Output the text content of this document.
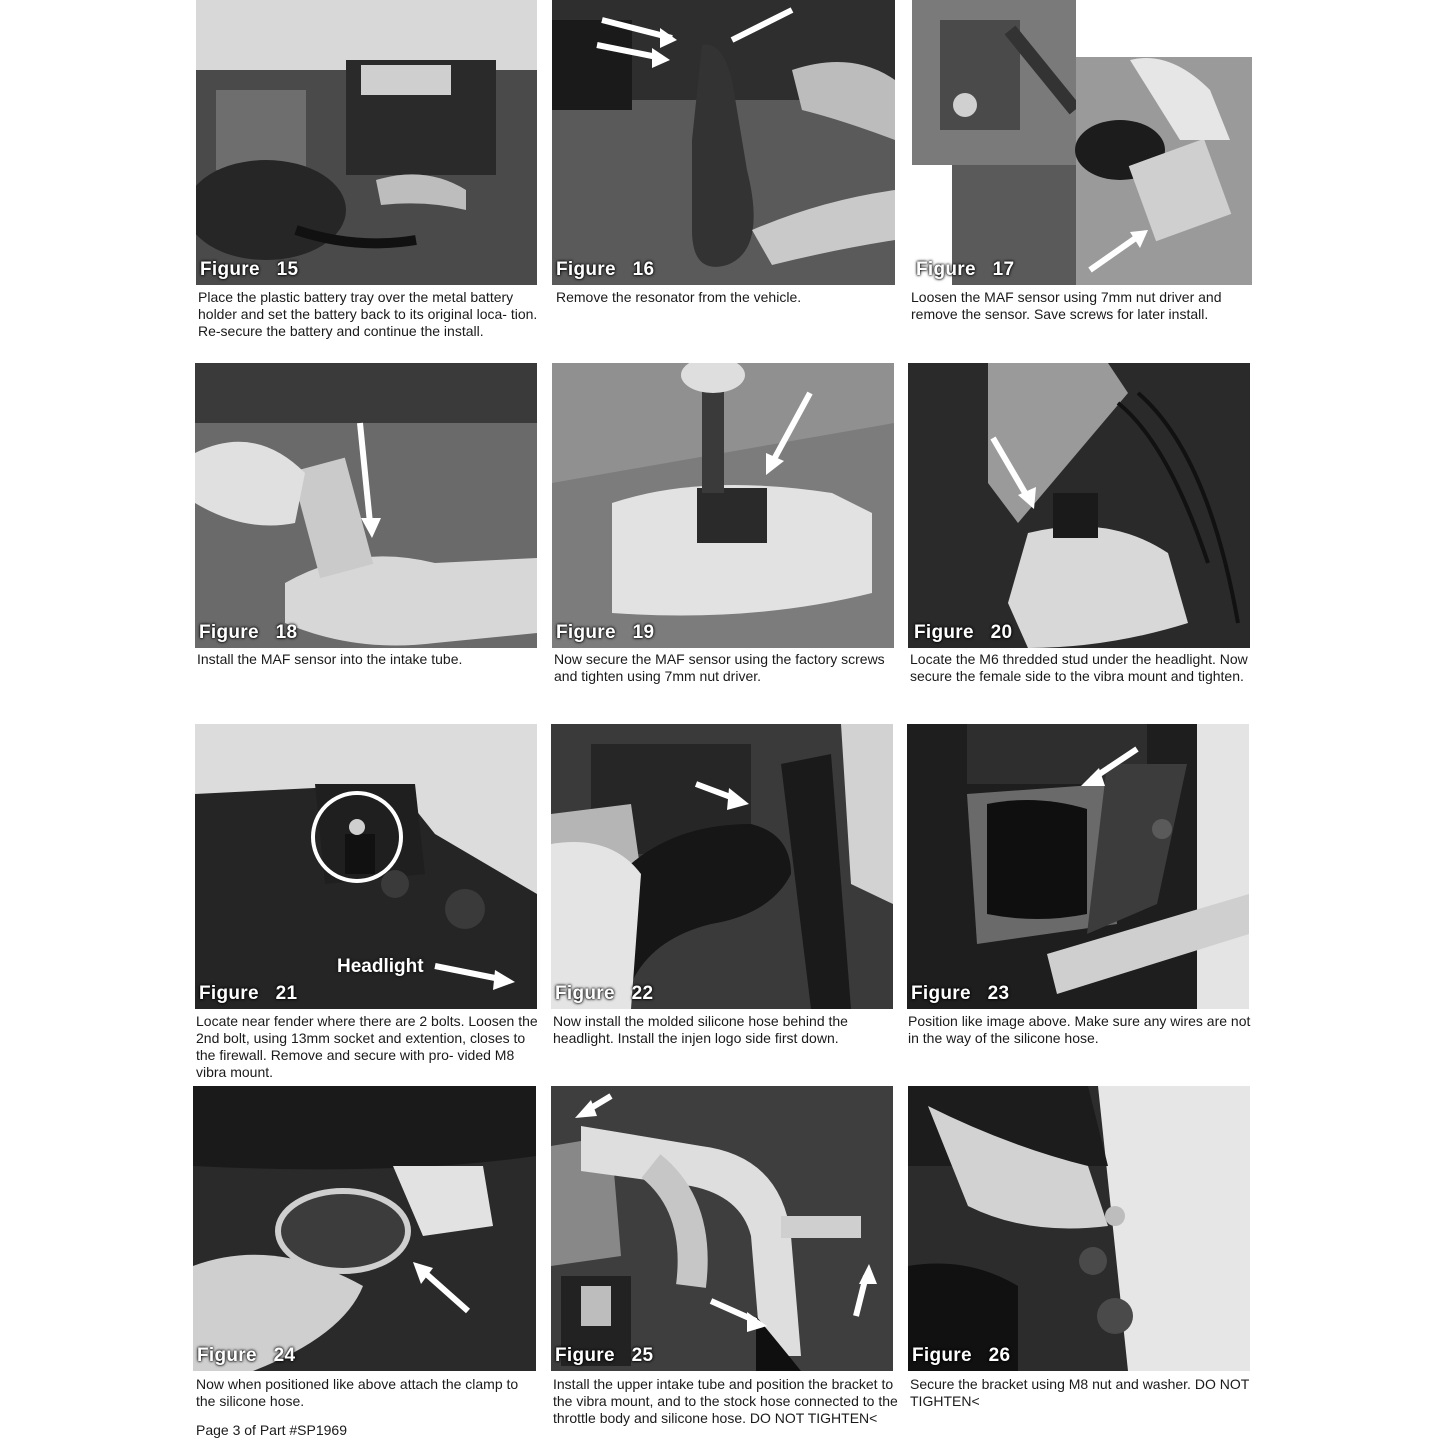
Figure   15
Place the plastic battery tray over the metal battery holder and set the battery back to its original loca- tion. Re-secure the battery and continue the install.
Figure   16
Remove the resonator from the vehicle.
Figure   17
Loosen the MAF sensor using 7mm nut driver and remove the sensor. Save screws for later install.
Figure   18
Install the MAF sensor into the intake tube.
Figure   19
Now secure the MAF sensor using the factory screws and tighten using 7mm nut driver.
Figure   20
Locate the M6 thredded stud under the headlight. Now secure the female side to the vibra mount and tighten.
Headlight
Figure   21
Locate near fender where there are 2 bolts. Loosen the 2nd bolt, using 13mm socket and extention, closes to the firewall. Remove and secure with pro- vided M8 vibra mount.
Figure   22
Now install the molded silicone hose behind the headlight. Install the injen logo side first down.
Figure   23
Position like image above. Make sure any wires are not in the way of the silicone hose.
Figure   24
Now when positioned like above attach the clamp to the silicone hose.
Figure   25
Install the upper intake tube and position the bracket to the vibra mount, and to the stock hose connected to the throttle body and silicone hose. DO NOT TIGHTEN<
Figure   26
Secure the bracket using M8 nut and washer. DO NOT TIGHTEN<
Page 3 of Part #SP1969
